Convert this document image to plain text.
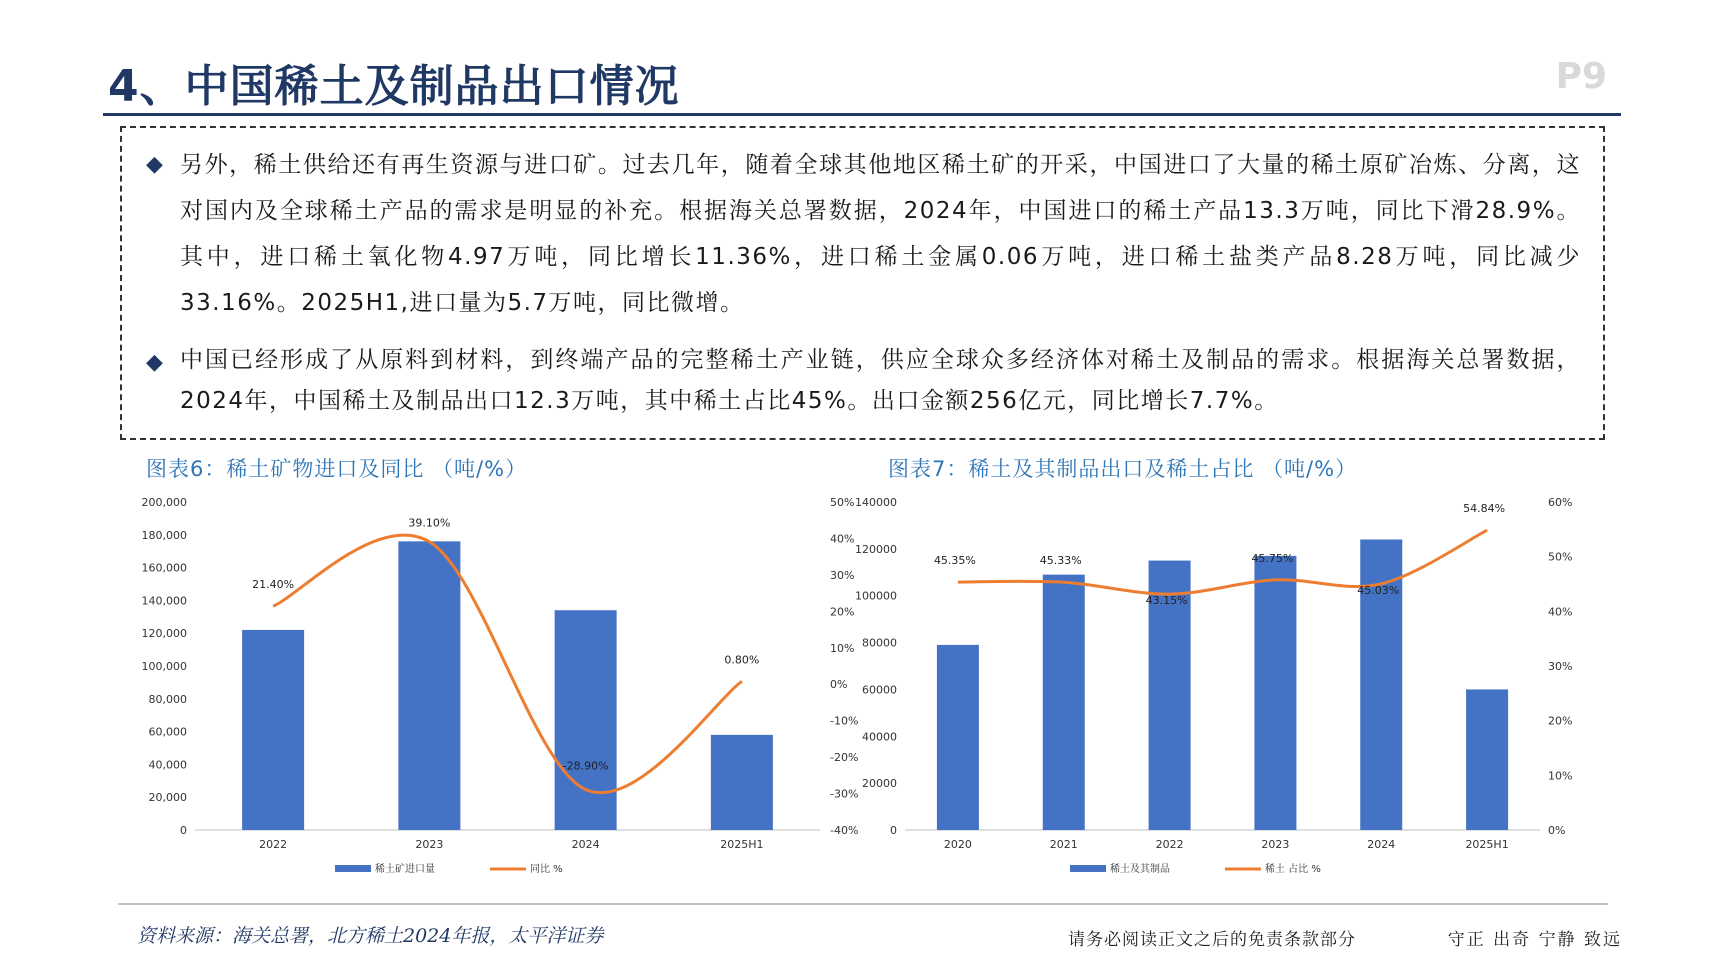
4、中国稀土及制品出口情况	P9
◆ 另外，稀土供给还有再生资源与进口矿。过去几年，随着全球其他地区稀土矿的开采，中国进口了大量的稀土原矿冶炼、分离，这对国内及全球稀土产品的需求是明显的补充。根据海关总署数据，2024年，中国进口的稀土产品13.3万吨，同比下滑28.9%。其中，进口稀土氧化物4.97万吨，同比增长11.36%，进口稀土金属0.06万吨，进口稀土盐类产品8.28万吨，同比减少33.16%。2025H1,进口量为5.7万吨，同比微增。
◆ 中国已经形成了从原料到材料，到终端产品的完整稀土产业链，供应全球众多经济体对稀土及制品的需求。根据海关总署数据，2024年，中国稀土及制品出口12.3万吨，其中稀土占比45%。出口金额256亿元，同比增长7.7%。
图表6：稀土矿物进口及同比 （吨/%）	图表7：稀土及其制品出口及稀土占比 （吨/%）
0
20,000
40,000
60,000
80,000
100,000
120,000
140,000
160,000
180,000
200,000
-40%
-30%
-20%
-10%
0%
10%
20%
30%
40%
50%
2022	2023	2024	2025H1
21.40%
39.10%
-28.90%
0.80%
稀土矿进口量	同比 %
0
20000
40000
60000
80000
100000
120000
140000
0%
10%
20%
30%
40%
50%
60%
2020	2021	2022	2023	2024	2025H1
45.35%	45.33%
43.15%
45.75%
45.03%
54.84%
稀土及其制品	稀土 占比 %
资料来源：海关总署，北方稀土2024年报，太平洋证券	请务必阅读正文之后的免责条款部分	守正 出奇 宁静 致远
